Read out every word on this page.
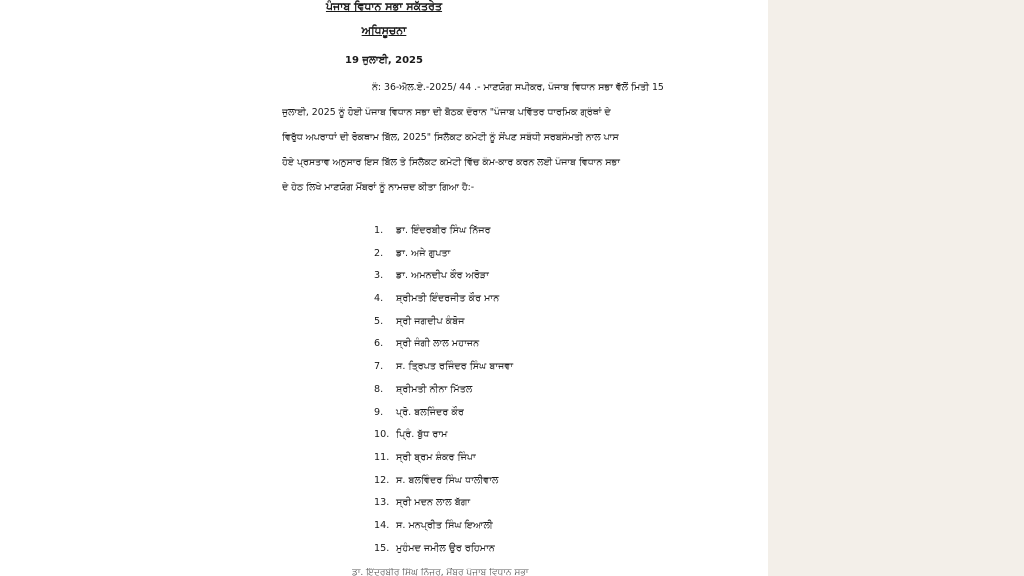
ਪੰਜਾਬ ਵਿਧਾਨ ਸਭਾ ਸਕੱਤਰੇਤ
ਅਧਿਸੂਚਨਾ
19 ਜੁਲਾਈ, 2025
ਨੰ: 36-ਐਲ.ਏ.-2025/ 44 .- ਮਾਣਯੋਗ ਸਪੀਕਰ, ਪੰਜਾਬ ਵਿਧਾਨ ਸਭਾ ਵੱਲੋਂ ਮਿਤੀ 15
ਜੁਲਾਈ, 2025 ਨੂੰ ਹੋਈ ਪੰਜਾਬ ਵਿਧਾਨ ਸਭਾ ਦੀ ਬੈਠਕ ਦੌਰਾਨ "ਪੰਜਾਬ ਪਵਿੱਤਰ ਧਾਰਮਿਕ ਗ੍ਰੰਥਾਂ ਦੇ
ਵਿਰੁੱਧ ਅਪਰਾਧਾਂ ਦੀ ਰੋਕਥਾਮ ਬਿੱਲ, 2025" ਸਿਲੈਕਟ ਕਮੇਟੀ ਨੂੰ ਸੌਂਪਣ ਸਬੰਧੀ ਸਰਬਸੰਮਤੀ ਨਾਲ ਪਾਸ
ਹੋਏ ਪ੍ਰਸਤਾਵ ਅਨੁਸਾਰ ਇਸ ਬਿੱਲ ਤੇ ਸਿਲੈਕਟ ਕਮੇਟੀ ਵਿੱਚ ਕੰਮ-ਕਾਰ ਕਰਨ ਲਈ ਪੰਜਾਬ ਵਿਧਾਨ ਸਭਾ
ਦੇ ਹੇਠ ਲਿਖੇ ਮਾਣਯੋਗ ਮੈਂਬਰਾਂ ਨੂੰ ਨਾਮਜ਼ਦ ਕੀਤਾ ਗਿਆ ਹੈ:-
1. ਡਾ. ਇੰਦਰਬੀਰ ਸਿੰਘ ਨਿੱਜਰ
2. ਡਾ. ਅਜੇ ਗੁਪਤਾ
3. ਡਾ. ਅਮਨਦੀਪ ਕੌਰ ਅਰੋੜਾ
4. ਸ਼੍ਰੀਮਤੀ ਇੰਦਰਜੀਤ ਕੌਰ ਮਾਨ
5. ਸ੍ਰੀ ਜਗਦੀਪ ਕੰਬੋਜ
6. ਸ੍ਰੀ ਜੰਗੀ ਲਾਲ ਮਹਾਜਨ
7. ਸ. ਤ੍ਰਿਪਤ ਰਜਿੰਦਰ ਸਿੰਘ ਬਾਜਵਾ
8. ਸ਼੍ਰੀਮਤੀ ਨੀਨਾ ਮਿੱਤਲ
9. ਪ੍ਰੋ. ਬਲਜਿੰਦਰ ਕੌਰ
10. ਪ੍ਰਿੰ. ਬੁੱਧ ਰਾਮ
11. ਸ੍ਰੀ ਬ੍ਰਮ ਸ਼ੰਕਰ ਜਿੰਪਾ
12. ਸ. ਬਲਵਿੰਦਰ ਸਿੰਘ ਧਾਲੀਵਾਲ
13. ਸ੍ਰੀ ਮਦਨ ਲਾਲ ਬੱਗਾ
14. ਸ. ਮਨਪ੍ਰੀਤ ਸਿੰਘ ਇਆਲੀ
15. ਮੁਹੰਮਦ ਜਮੀਲ ਉਰ ਰਹਿਮਾਨ
ਡਾ. ਇੰਦਰਬੀਰ ਸਿੰਘ ਨਿੱਜਰ, ਮੈਂਬਰ ਪੰਜਾਬ ਵਿਧਾਨ ਸਭਾ
